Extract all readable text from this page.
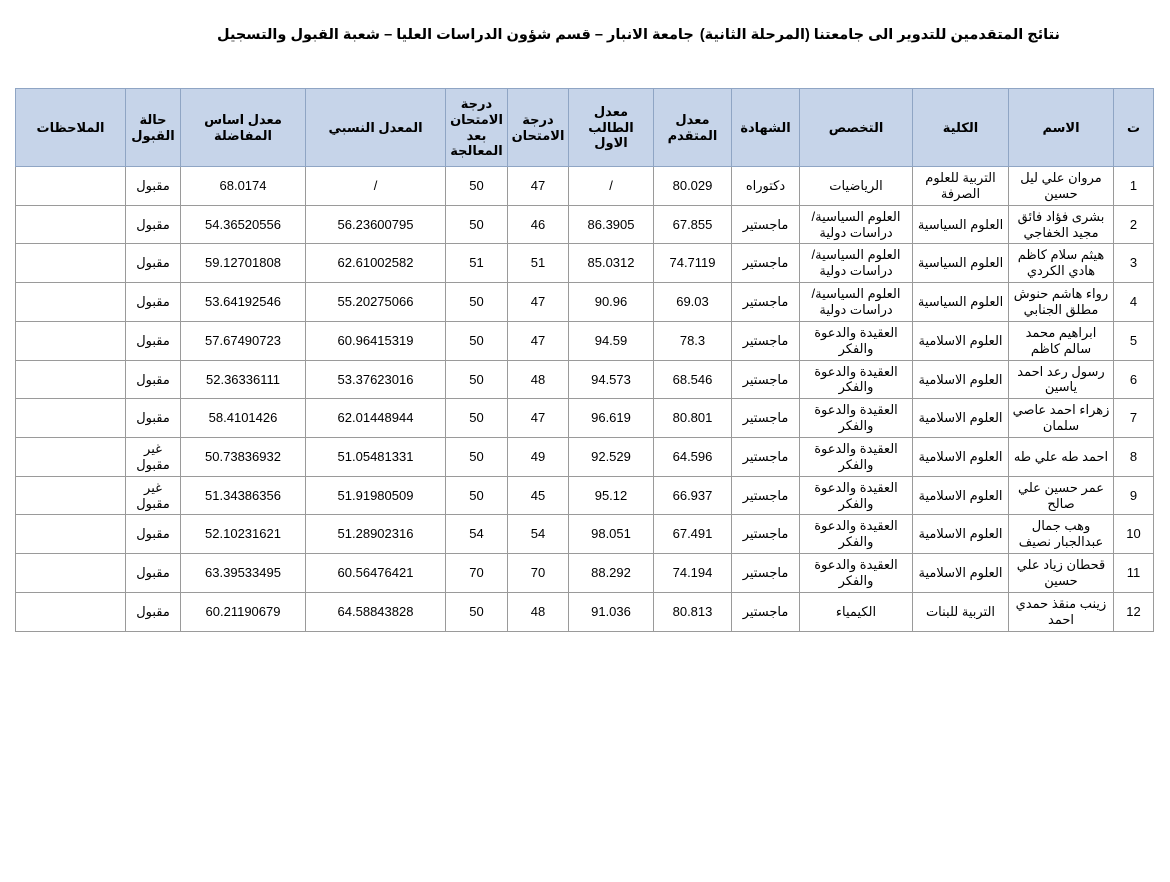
نتائج المتقدمين للتدوير الى جامعتنا (المرحلة الثانية)
جامعة الانبار – قسم شؤون الدراسات العليا – شعبة القبول والتسجيل
ت	الاسم	الكلية	التخصص	الشهادة	معدل المتقدم	معدل الطالب الاول	درجة الامتحان	درجة الامتحان بعد المعالجة	المعدل النسبي	معدل اساس المفاضلة	حالة القبول	الملاحظات
1	مروان علي ليل حسين	التربية للعلوم الصرفة	الرياضيات	دكتوراه	80.029	/	47	50	/	68.0174	مقبول	
2	بشرى فؤاد فائق مجيد الخفاجي	العلوم السياسية	العلوم السياسية/دراسات دولية	ماجستير	67.855	86.3905	46	50	56.23600795	54.36520556	مقبول	
3	هيثم سلام كاظم هادي الكردي	العلوم السياسية	العلوم السياسية/دراسات دولية	ماجستير	74.7119	85.0312	51	51	62.61002582	59.12701808	مقبول	
4	رواء هاشم حنوش مطلق الجنابي	العلوم السياسية	العلوم السياسية/دراسات دولية	ماجستير	69.03	90.96	47	50	55.20275066	53.64192546	مقبول	
5	ابراهيم محمد سالم كاظم	العلوم الاسلامية	العقيدة والدعوة والفكر	ماجستير	78.3	94.59	47	50	60.96415319	57.67490723	مقبول	
6	رسول رعد احمد ياسين	العلوم الاسلامية	العقيدة والدعوة والفكر	ماجستير	68.546	94.573	48	50	53.37623016	52.36336111	مقبول	
7	زهراء احمد عاصي سلمان	العلوم الاسلامية	العقيدة والدعوة والفكر	ماجستير	80.801	96.619	47	50	62.01448944	58.4101426	مقبول	
8	احمد طه علي طه	العلوم الاسلامية	العقيدة والدعوة والفكر	ماجستير	64.596	92.529	49	50	51.05481331	50.73836932	غير مقبول	
9	عمر حسين علي صالح	العلوم الاسلامية	العقيدة والدعوة والفكر	ماجستير	66.937	95.12	45	50	51.91980509	51.34386356	غير مقبول	
10	وهب جمال عبدالجبار نصيف	العلوم الاسلامية	العقيدة والدعوة والفكر	ماجستير	67.491	98.051	54	54	51.28902316	52.10231621	مقبول	
11	قحطان زياد علي حسين	العلوم الاسلامية	العقيدة والدعوة والفكر	ماجستير	74.194	88.292	70	70	60.56476421	63.39533495	مقبول	
12	زينب منقذ حمدي احمد	التربية للبنات	الكيمياء	ماجستير	80.813	91.036	48	50	64.58843828	60.21190679	مقبول	
